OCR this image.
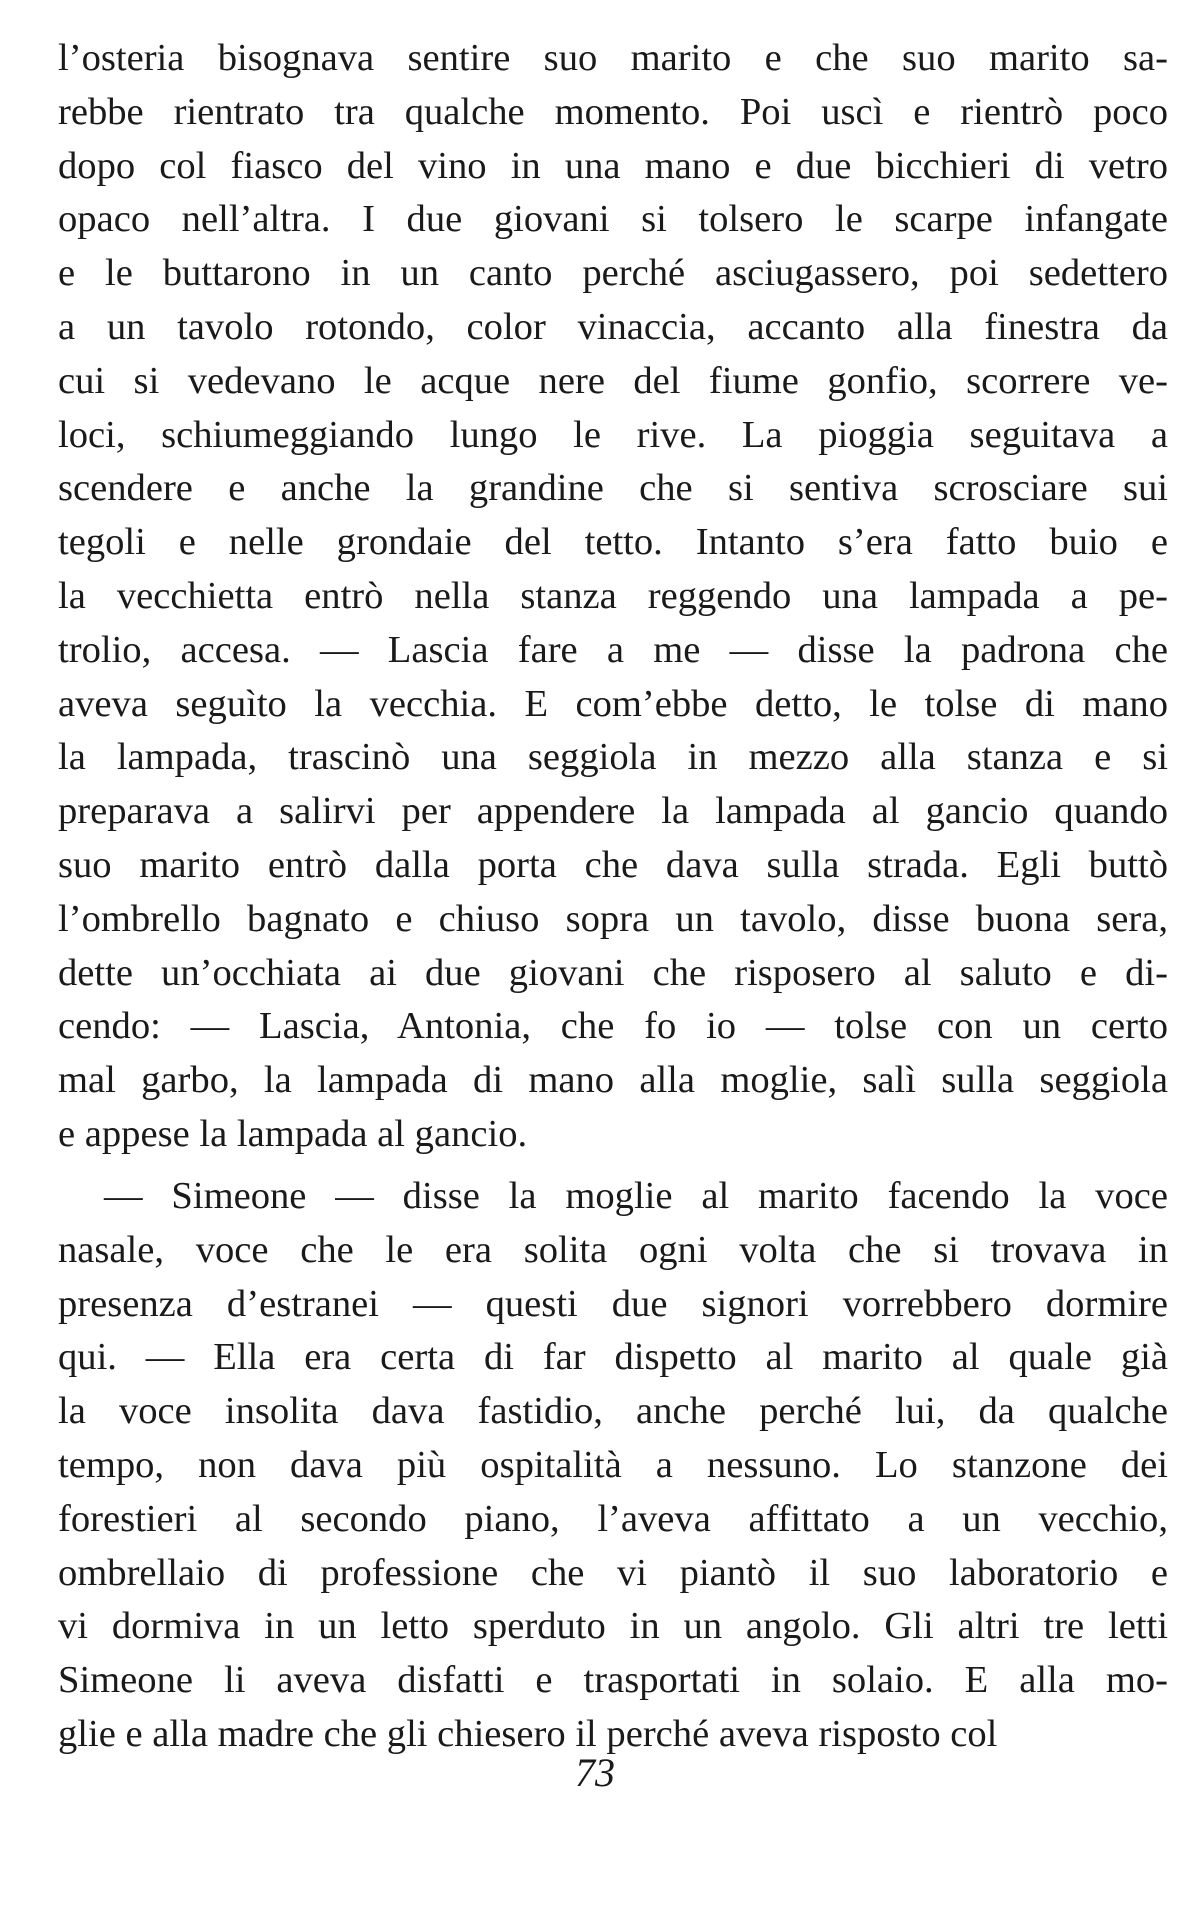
l’osteria bisognava sentire suo marito e che suo marito sa-
rebbe rientrato tra qualche momento. Poi uscì e rientrò poco
dopo col fiasco del vino in una mano e due bicchieri di vetro
opaco nell’altra. I due giovani si tolsero le scarpe infangate
e le buttarono in un canto perché asciugassero, poi sedettero
a un tavolo rotondo, color vinaccia, accanto alla finestra da
cui si vedevano le acque nere del fiume gonfio, scorrere ve-
loci, schiumeggiando lungo le rive. La pioggia seguitava a
scendere e anche la grandine che si sentiva scrosciare sui
tegoli e nelle grondaie del tetto. Intanto s’era fatto buio e
la vecchietta entrò nella stanza reggendo una lampada a pe-
trolio, accesa. — Lascia fare a me — disse la padrona che
aveva seguìto la vecchia. E com’ebbe detto, le tolse di mano
la lampada, trascinò una seggiola in mezzo alla stanza e si
preparava a salirvi per appendere la lampada al gancio quando
suo marito entrò dalla porta che dava sulla strada. Egli buttò
l’ombrello bagnato e chiuso sopra un tavolo, disse buona sera,
dette un’occhiata ai due giovani che risposero al saluto e di-
cendo: — Lascia, Antonia, che fo io — tolse con un certo
mal garbo, la lampada di mano alla moglie, salì sulla seggiola
e appese la lampada al gancio.
— Simeone — disse la moglie al marito facendo la voce
nasale, voce che le era solita ogni volta che si trovava in
presenza d’estranei — questi due signori vorrebbero dormire
qui. — Ella era certa di far dispetto al marito al quale già
la voce insolita dava fastidio, anche perché lui, da qualche
tempo, non dava più ospitalità a nessuno. Lo stanzone dei
forestieri al secondo piano, l’aveva affittato a un vecchio,
ombrellaio di professione che vi piantò il suo laboratorio e
vi dormiva in un letto sperduto in un angolo. Gli altri tre letti
Simeone li aveva disfatti e trasportati in solaio. E alla mo-
glie e alla madre che gli chiesero il perché aveva risposto col
73
